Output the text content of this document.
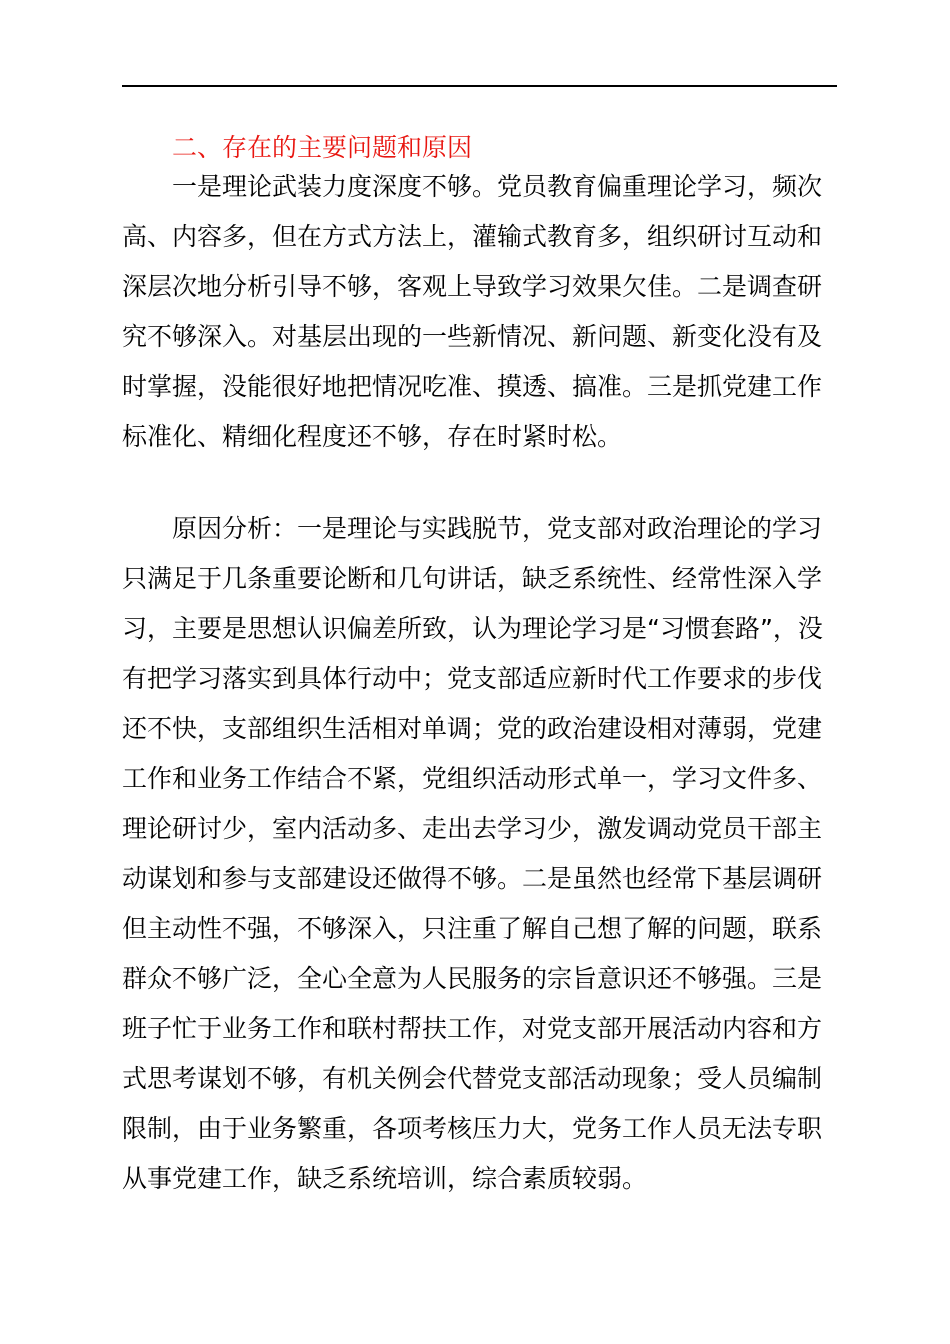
二、存在的主要问题和原因
一是理论武装力度深度不够。党员教育偏重理论学习，频次
高、内容多，但在方式方法上，灌输式教育多，组织研讨互动和
深层次地分析引导不够，客观上导致学习效果欠佳。二是调查研
究不够深入。对基层出现的一些新情况、新问题、新变化没有及
时掌握，没能很好地把情况吃准、摸透、搞准。三是抓党建工作
标准化、精细化程度还不够，存在时紧时松。
原因分析：一是理论与实践脱节，党支部对政治理论的学习
只满足于几条重要论断和几句讲话，缺乏系统性、经常性深入学
习，主要是思想认识偏差所致，认为理论学习是“习惯套路”，没
有把学习落实到具体行动中；党支部适应新时代工作要求的步伐
还不快，支部组织生活相对单调；党的政治建设相对薄弱，党建
工作和业务工作结合不紧，党组织活动形式单一，学习文件多、
理论研讨少，室内活动多、走出去学习少，激发调动党员干部主
动谋划和参与支部建设还做得不够。二是虽然也经常下基层调研
但主动性不强，不够深入，只注重了解自己想了解的问题，联系
群众不够广泛，全心全意为人民服务的宗旨意识还不够强。三是
班子忙于业务工作和联村帮扶工作，对党支部开展活动内容和方
式思考谋划不够，有机关例会代替党支部活动现象；受人员编制
限制，由于业务繁重，各项考核压力大，党务工作人员无法专职
从事党建工作，缺乏系统培训，综合素质较弱。
